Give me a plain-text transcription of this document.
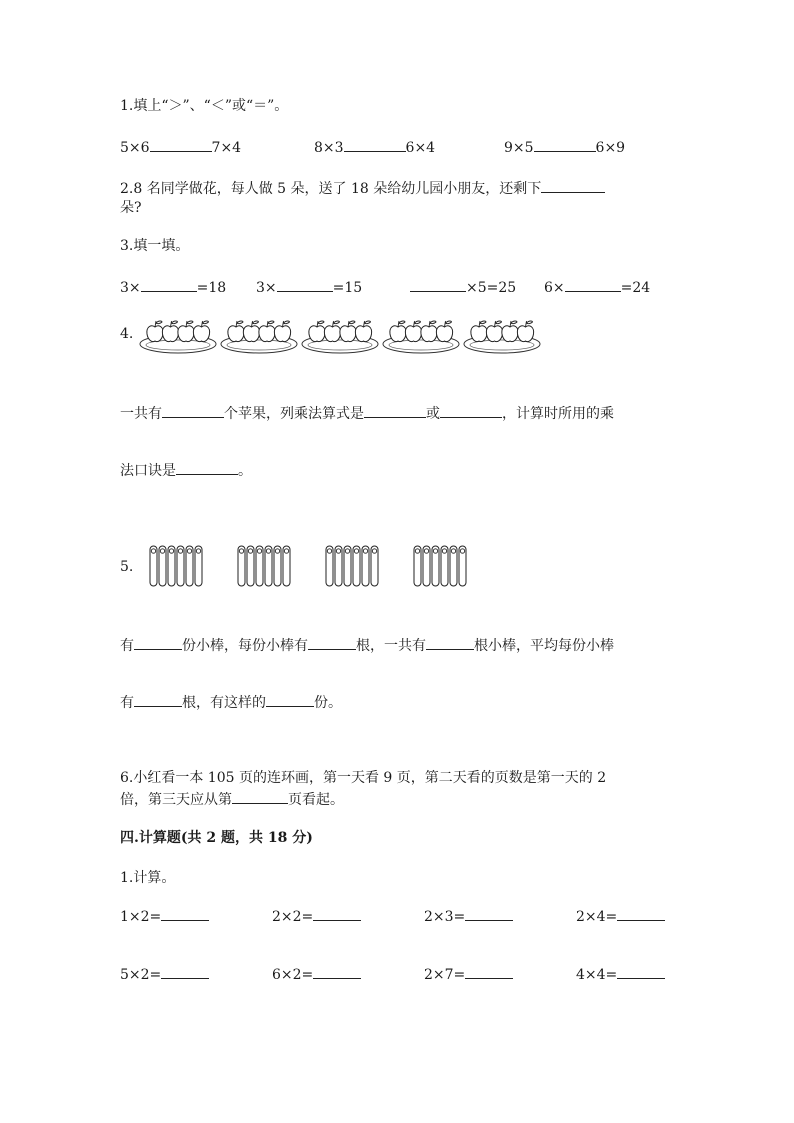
1.填上“＞”、“＜”或“＝”。
5×6	7×4	8×3	6×4	9×5	6×9
2.8 名同学做花，每人做 5 朵，送了 18 朵给幼儿园小朋友，还剩下
朵?
3.填一填。
3×	=18 3×	=15	×5=25 6×	=24
4.
一共有	个苹果，列乘法算式是	或	，计算时所用的乘
法口诀是	。
5.
有	份小棒，每份小棒有	根，一共有	根小棒，平均每份小棒
有	根，有这样的	份。
6.小红看一本 105 页的连环画，第一天看 9 页，第二天看的页数是第一天的 2
倍，第三天应从第	页看起。
四.计算题(共 2 题，共 18 分)
1.计算。
1×2=	2×2=	2×3=	2×4=
5×2=	6×2=	2×7=	4×4=
